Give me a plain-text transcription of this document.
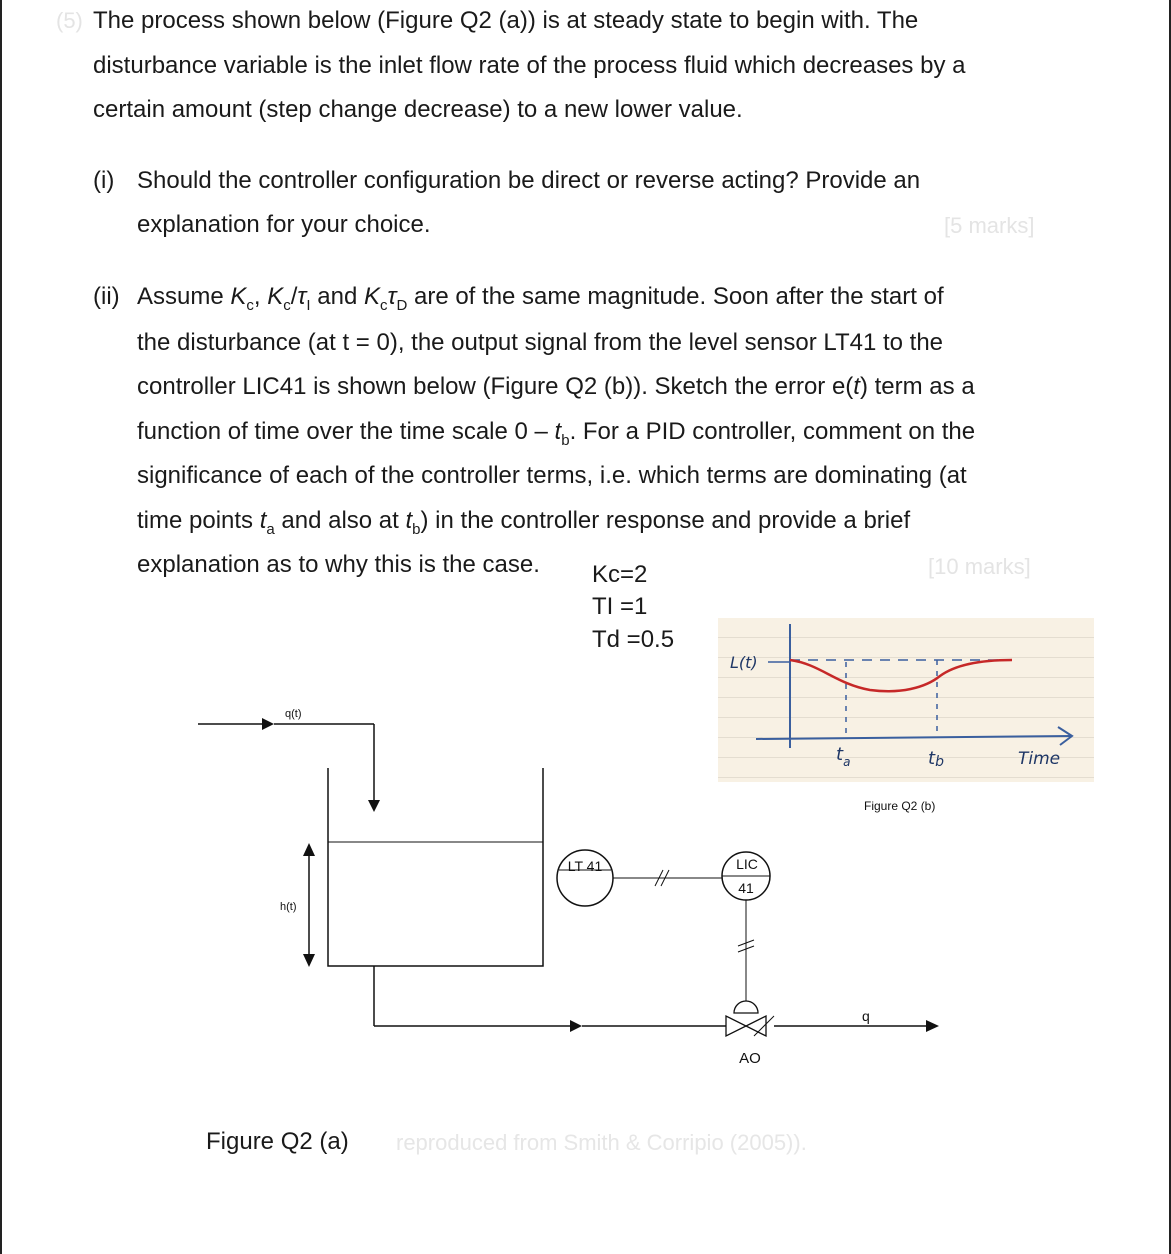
(5) The process shown below (Figure Q2 (a)) is at steady state to begin with. The
disturbance variable is the inlet flow rate of the process fluid which decreases by a
certain amount (step change decrease) to a new lower value.
(i) Should the controller configuration be direct or reverse acting? Provide an
explanation for your choice.	[5 marks]
(ii) Assume $K_c$, $K_c/\tau_I$ and $K_c\tau_D$ are of the same magnitude. Soon after the start of
the disturbance (at t = 0), the output signal from the level sensor LT41 to the
controller LIC41 is shown below (Figure Q2 (b)). Sketch the error e(t) term as a
function of time over the time scale $0 - t_b$. For a PID controller, comment on the
significance of each of the controller terms, i.e. which terms are dominating (at
time points $t_a$ and also at $t_b$) in the controller response and provide a brief
explanation as to why this is the case.	[10 marks]
Kc=2
TI =1
Td =0.5
q(t)
h(t)
q
LT 41	LIC
41
AO
reproduced from Smith & Corripio (2005)).
L(t)
$t_a$	tb	Time
Figure Q2 (b)
Figure Q2 (a)
